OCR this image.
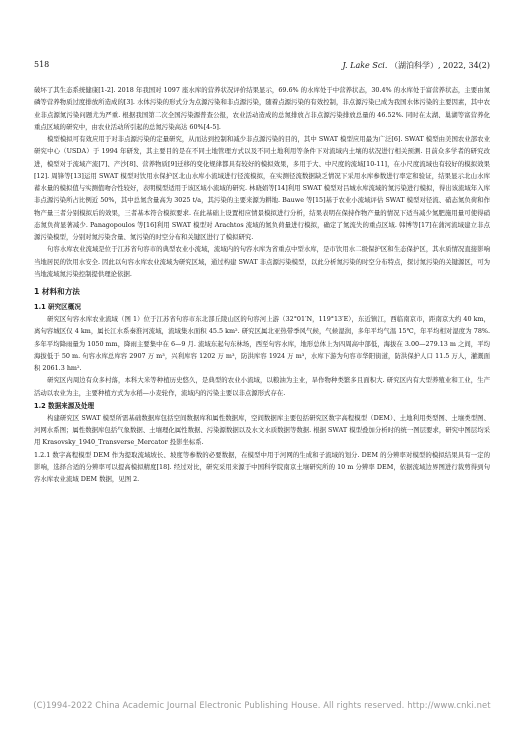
518	J. Lake Sci. （湖泊科学）, 2022, 34(2)

破坏了其生态系统健康[1-2]. 2018 年我国对 1097 座水库的营养状况评价结果显示，69.6% 的水库处于中营养状态，30.4% 的水库处于富营养状态，主要由氮磷等营养物质过度排放所造成的[3]. 水体污染的形式分为点源污染和非点源污染，随着点源污染的有效控制，非点源污染已成为我国水体污染的主要因素，其中农业非点源氮污染问题尤为严重. 根据我国第二次全国污染源普查公报，农业活动造成的总氮排放占非点源污染排放总量的 46.52%. 同时在太湖、巢湖等富营养化重点区域的研究中，由农业活动所引起的总氮污染高达 60%[4-5].

模型模拟可有效应用于对非点源污染的定量研究，从而达到控制和减少非点源污染的目的，其中 SWAT 模型应用最为广泛[6]. SWAT 模型由美国农业部农业研究中心（USDA）于 1994 年研发，其主要目的是在不同土地管理方式以及不同土地利用等条件下对流域内土壤的状况进行相关预测. 目前众多学者的研究改进，模型对于流域产流[7]、产沙[8]、营养物质[9]迁移的变化规律都具有较好的模拟效果，多用于大、中尺度的流域[10-11]，在小尺度流域也有较好的模拟效果[12]. 周锋等[13]运用 SWAT 模型对饮用水保护区北山水库小流域进行径流模拟，在实测径流数据缺乏情况下采用水库参数进行率定和验证，结果显示北山水库蓄水量的模拟值与实测值吻合性较好，表明模型适用于该区域小流域的研究. 林晓娟等[14]利用 SWAT 模型对吕城水库流域的氮污染进行模拟，得出该流域年入库非点源污染所占比例近 50%，其中总氮含量高为 3025 t/a，其污染的主要来源为耕地. Bauwe 等[15]基于农业小流域评估 SWAT 模型对径流、硝态氮负荷和作物产量三者分别模拟后的效果，三者基本符合模拟要求. 在此基础上设置相应情景模拟进行分析，结果表明在保持作物产量的情况下适当减少氮肥施用量可使得硝态氮负荷显著减少. Panagopoulos 等[16]利用 SWAT 模型对 Arachtos 流域的氮负荷量进行模拟，确定了氮流失的重点区域. 韩博等[17]在蒲河流域建立非点源污染模型，分别对氮污染含量、氮污染的时空分布和关键区进行了模拟研究.

句容水库农业流域是位于江苏省句容市的典型农业小流域，流域内的句容水库为省重点中型水库，是市饮用水二级保护区和生态保护区，其水质情况直接影响当地居民的饮用水安全. 因此以句容水库农业流域为研究区域，通过构建 SWAT 非点源污染模型，以此分析氮污染的时空分布特点，探讨氮污染的关键源区，可为当地流域氮污染控制提供理论依据.

1 材料和方法
1.1 研究区概况

研究区句容水库农业流域（图 1）位于江苏省句容市东北部丘陵山区的句容河上游（32°01′N，119°13′E），东近镇江，西临南京市，距南京大约 40 km，离句容城区仅 4 km，属长江水系秦淮河流域，流域集水面积 45.5 km². 研究区属北亚热带季风气候，气候湿润，多年平均气温 15℃，年平均相对湿度为 78%. 多年平均降雨量为 1050 mm，降雨主要集中在 6—9 月. 流域东起句东林场，西至句容水库，地形总体上为四周高中部低，海拔在 3.00—279.13 m 之间，平均海拔低于 50 m. 句容水库总库容 2907 万 m³，兴利库容 1202 万 m³，防洪库容 1924 万 m³，水库下游为句容市华阳街道，防洪保护人口 11.5 万人，灌溉面积 2061.3 hm².

研究区内周边有众多村落，本科大米等种植历史悠久，是典型的农业小流域，以粮油为主业，旱作物种类繁多且面积大. 研究区内有大型养殖业和工业，生产活动以农业为主，主要种植方式为水稻—小麦轮作，流域内的污染主要以非点源形式存在.

1.2 数据来源及处理

构建研究区 SWAT 模型所需基础数据库包括空间数据库和属性数据库，空间数据库主要包括研究区数字高程模型（DEM）、土地利用类型图、土壤类型图、河网水系图；属性数据库包括气象数据、土壤理化属性数据、污染源数据以及水文水质数据等数据. 根据 SWAT 模型叠加分析时的统一图层要求，研究中图层均采用 Krasovsky_1940_Transverse_Mercator 投影坐标系.

1.2.1 数字高程模型 DEM 作为提取流域坡长、坡度等参数的必要数据，在模型中用于河网的生成和子流域的划分. DEM 的分辨率对模型的模拟结果具有一定的影响，选择合适的分辨率可以提高模拟精度[18]. 经过对比，研究采用来源于中国科学院南京土壤研究所的 10 m 分辨率 DEM，依据流域边界图进行裁剪得到句容水库农业流域 DEM 数据，见图 2.

(C)1994-2022 China Academic Journal Electronic Publishing House. All rights reserved. http://www.cnki.net
